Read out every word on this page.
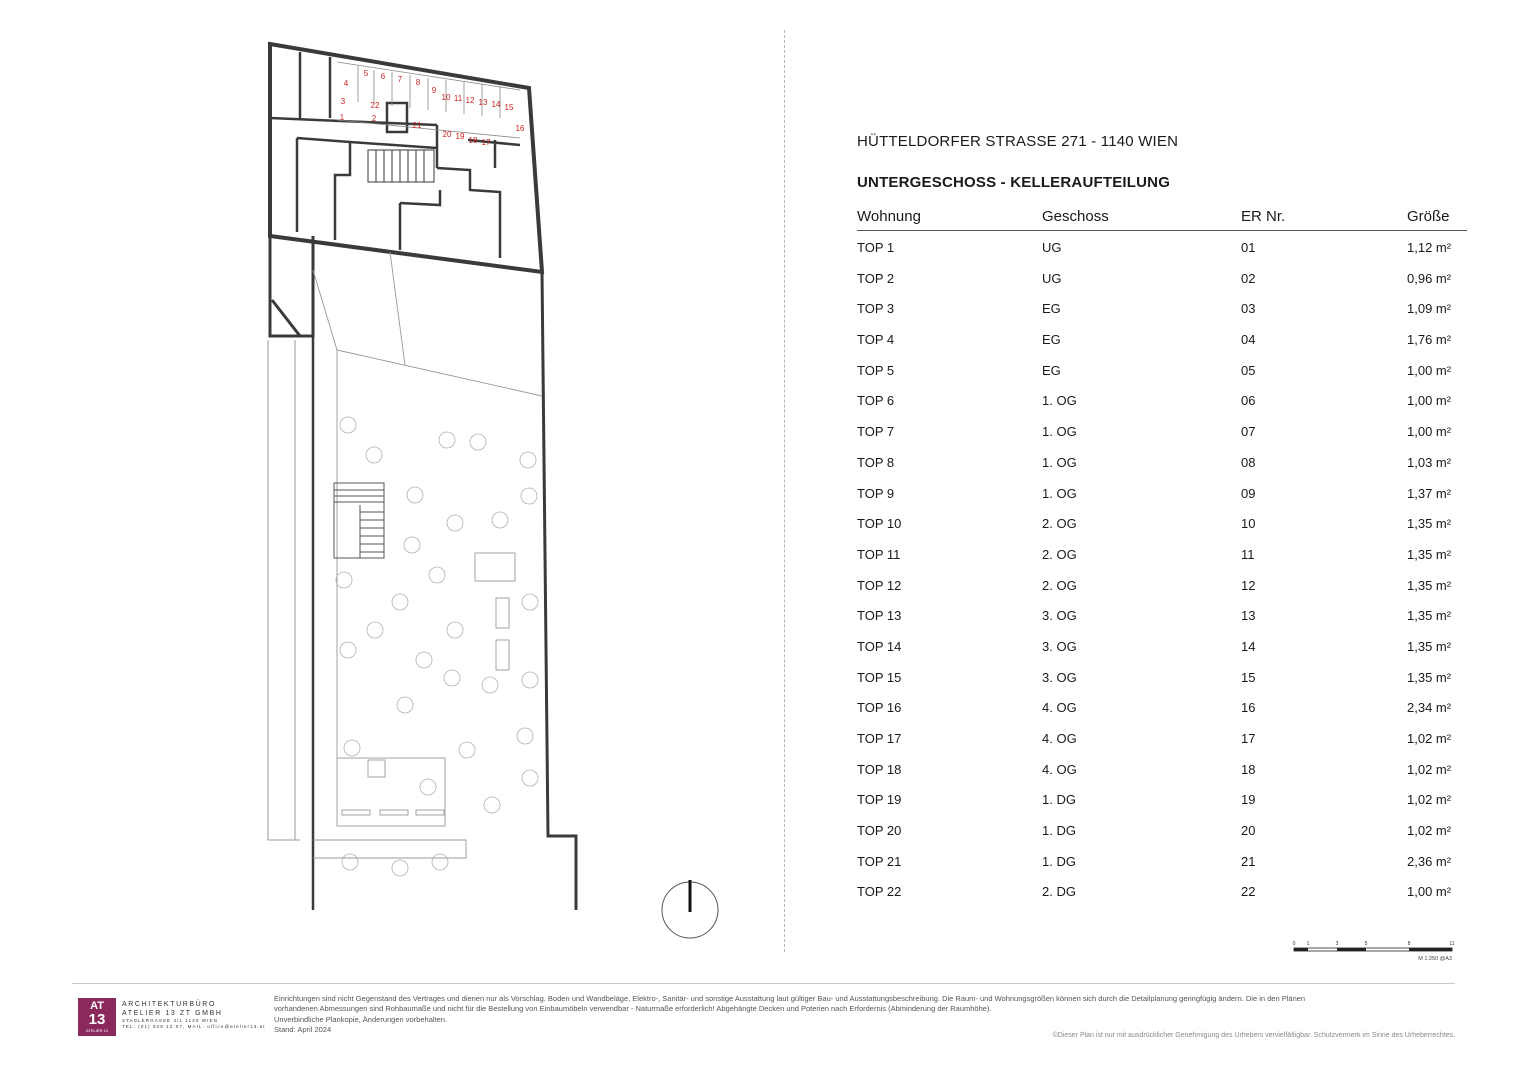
1	2
3
4
5 6 7 8
9
10 11 12 13 14 15
16
17
18
19
20
21
22
HÜTTELDORFER STRASSE 271 - 1140 WIEN
UNTERGESCHOSS - KELLERAUFTEILUNG
Wohnung	Geschoss	ER Nr.	Größe
TOP 1	UG	01	1,12 m²
TOP 2	UG	02	0,96 m²
TOP 3	EG	03	1,09 m²
TOP 4	EG	04	1,76 m²
TOP 5	EG	05	1,00 m²
TOP 6	1. OG	06	1,00 m²
TOP 7	1. OG	07	1,00 m²
TOP 8	1. OG	08	1,03 m²
TOP 9	1. OG	09	1,37 m²
TOP 10	2. OG	10	1,35 m²
TOP 11	2. OG	11	1,35 m²
TOP 12	2. OG	12	1,35 m²
TOP 13	3. OG	13	1,35 m²
TOP 14	3. OG	14	1,35 m²
TOP 15	3. OG	15	1,35 m²
TOP 16	4. OG	16	2,34 m²
TOP 17	4. OG	17	1,02 m²
TOP 18	4. OG	18	1,02 m²
TOP 19	1. DG	19	1,02 m²
TOP 20	1. DG	20	1,02 m²
TOP 21	1. DG	21	2,36 m²
TOP 22	2. DG	22	1,00 m²
0 1	3	5	8	11
M 1:250 @A3
AT
13
ATELIER 13
ARCHITEKTURBÜRO
ATELIER 13 ZT GMBH
STADLERGASSE 4/1 1130 WIEN
TEL: (01) 929 12 07, MAIL: office@atelier13.at
Einrichtungen sind nicht Gegenstand des Vertrages und dienen nur als Vorschlag. Boden und Wandbeläge, Elektro-, Sanitär- und sonstige Ausstattung laut gültiger Bau- und Ausstattungsbeschreibung. Die Raum- und Wohnungsgrößen können sich durch die Detailplanung geringfügig ändern. Die in den Plänen
vorhandenen Abmessungen sind Rohbaumaße und nicht für die Bestellung von Einbaumöbeln verwendbar - Naturmaße erforderlich! Abgehängte Decken und Poterien nach Erfordernis (Abminderung der Raumhöhe).
Unverbindliche Plankopie, Änderungen vorbehalten.
Stand: April 2024
©Dieser Plan ist nur mit ausdrücklicher Genehmigung des Urhebers vervielfältigbar. Schutzvermerk im Sinne des Urheberrechtes.
